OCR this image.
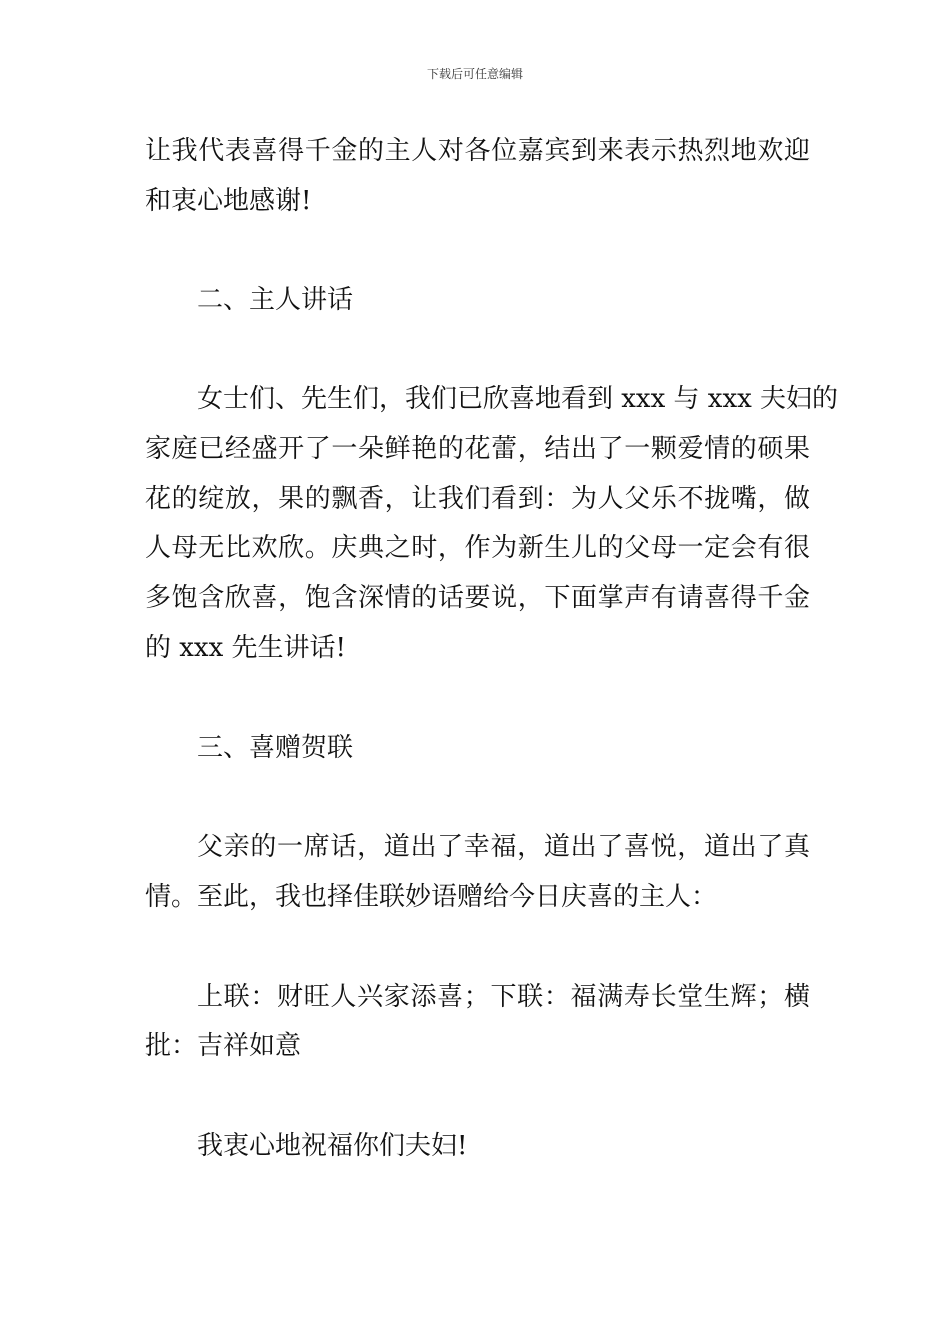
下载后可任意编辑
让我代表喜得千金的主人对各位嘉宾到来表示热烈地欢迎
和衷心地感谢!
二、主人讲话
女士们、先生们，我们已欣喜地看到 xxx 与 xxx 夫妇的
家庭已经盛开了一朵鲜艳的花蕾，结出了一颗爱情的硕果
花的绽放，果的飘香，让我们看到：为人父乐不拢嘴，做
人母无比欢欣。庆典之时，作为新生儿的父母一定会有很
多饱含欣喜，饱含深情的话要说，下面掌声有请喜得千金
的 xxx 先生讲话!
三、喜赠贺联
父亲的一席话，道出了幸福，道出了喜悦，道出了真
情。至此，我也择佳联妙语赠给今日庆喜的主人：
上联：财旺人兴家添喜；下联：福满寿长堂生辉；横
批：吉祥如意
我衷心地祝福你们夫妇!
